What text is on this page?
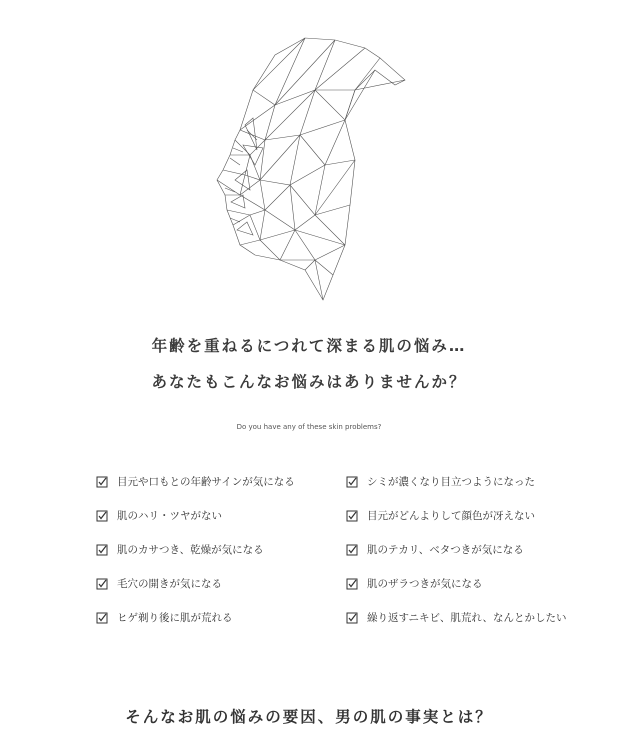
年齢を重ねるにつれて深まる肌の悩み…
あなたもこんなお悩みはありませんか？
Do you have any of these skin problems?
目元や口もとの年齢サインが気になる
肌のハリ・ツヤがない
肌のカサつき、乾燥が気になる
毛穴の開きが気になる
ヒゲ剃り後に肌が荒れる
シミが濃くなり目立つようになった
目元がどんよりして顔色が冴えない
肌のテカリ、ベタつきが気になる
肌のザラつきが気になる
繰り返すニキビ、肌荒れ、なんとかしたい
そんなお肌の悩みの要因、男の肌の事実とは？
